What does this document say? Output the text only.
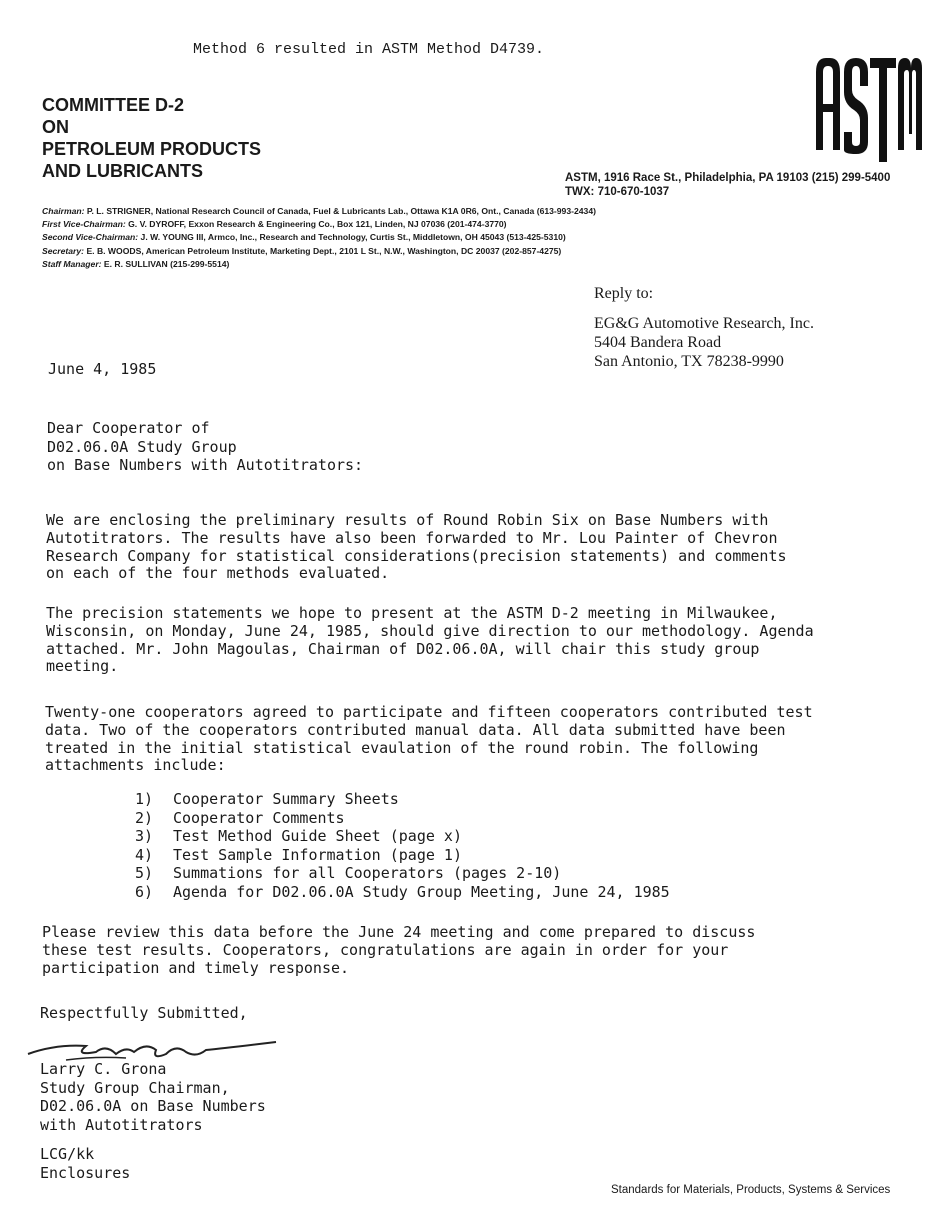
Method 6 resulted in ASTM Method D4739.
COMMITTEE D-2
ON
PETROLEUM PRODUCTS
AND LUBRICANTS	ASTM, 1916 Race St., Philadelphia, PA 19103 (215) 299-5400
TWX: 710-670-1037
Chairman: P. L. STRIGNER, National Research Council of Canada, Fuel & Lubricants Lab., Ottawa K1A 0R6, Ont., Canada (613-993-2434)
First Vice-Chairman: G. V. DYROFF, Exxon Research & Engineering Co., Box 121, Linden, NJ 07036 (201-474-3770)
Second Vice-Chairman: J. W. YOUNG III, Armco, Inc., Research and Technology, Curtis St., Middletown, OH 45043 (513-425-5310)
Secretary: E. B. WOODS, American Petroleum Institute, Marketing Dept., 2101 L St., N.W., Washington, DC 20037 (202-857-4275)
Staff Manager: E. R. SULLIVAN (215-299-5514)
Reply to:
EG&G Automotive Research, Inc.
5404 Bandera Road
San Antonio, TX 78238-9990
June 4, 1985
Dear Cooperator of
D02.06.0A Study Group
on Base Numbers with Autotitrators:
We are enclosing the preliminary results of Round Robin Six on Base Numbers with
Autotitrators. The results have also been forwarded to Mr. Lou Painter of Chevron
Research Company for statistical considerations(precision statements) and comments
on each of the four methods evaluated.
The precision statements we hope to present at the ASTM D-2 meeting in Milwaukee,
Wisconsin, on Monday, June 24, 1985, should give direction to our methodology. Agenda
attached. Mr. John Magoulas, Chairman of D02.06.0A, will chair this study group
meeting.
Twenty-one cooperators agreed to participate and fifteen cooperators contributed test
data. Two of the cooperators contributed manual data. All data submitted have been
treated in the initial statistical evaulation of the round robin. The following
attachments include:
1) Cooperator Summary Sheets
2) Cooperator Comments
3) Test Method Guide Sheet (page x)
4) Test Sample Information (page 1)
5) Summations for all Cooperators (pages 2-10)
6) Agenda for D02.06.0A Study Group Meeting, June 24, 1985
Please review this data before the June 24 meeting and come prepared to discuss
these test results. Cooperators, congratulations are again in order for your
participation and timely response.
Respectfully Submitted,
Larry C. Grona
Study Group Chairman,
D02.06.0A on Base Numbers
with Autotitrators
LCG/kk
Enclosures
Standards for Materials, Products, Systems & Services
